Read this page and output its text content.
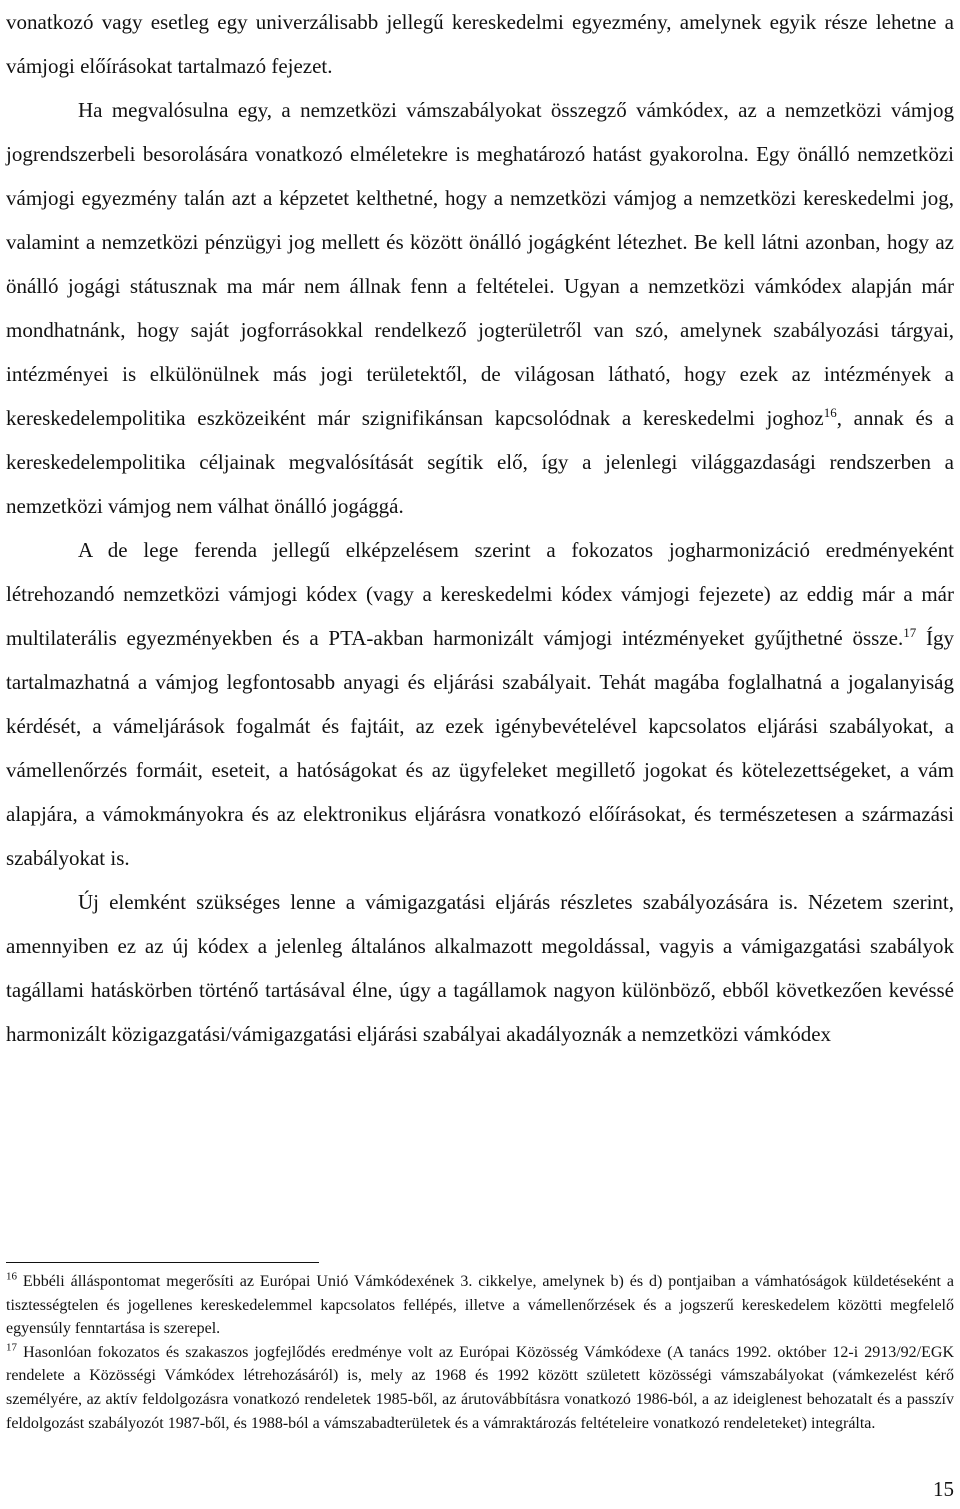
vonatkozó vagy esetleg egy univerzálisabb jellegű kereskedelmi egyezmény, amelynek egyik része lehetne a vámjogi előírásokat tartalmazó fejezet.

Ha megvalósulna egy, a nemzetközi vámszabályokat összegző vámkódex, az a nemzetközi vámjog jogrendszerbeli besorolására vonatkozó elméletekre is meghatározó hatást gyakorolna. Egy önálló nemzetközi vámjogi egyezmény talán azt a képzetet kelthetné, hogy a nemzetközi vámjog a nemzetközi kereskedelmi jog, valamint a nemzetközi pénzügyi jog mellett és között önálló jogágként létezhet. Be kell látni azonban, hogy az önálló jogági státusznak ma már nem állnak fenn a feltételei. Ugyan a nemzetközi vámkódex alapján már mondhatnánk, hogy saját jogforrásokkal rendelkező jogterületről van szó, amelynek szabályozási tárgyai, intézményei is elkülönülnek más jogi területektől, de világosan látható, hogy ezek az intézmények a kereskedelempolitika eszközeiként már szignifikánsan kapcsolódnak a kereskedelmi joghoz$^{16}$, annak és a kereskedelempolitika céljainak megvalósítását segítik elő, így a jelenlegi világgazdasági rendszerben a nemzetközi vámjog nem válhat önálló jogággá.

A de lege ferenda jellegű elképzelésem szerint a fokozatos jogharmonizáció eredményeként létrehozandó nemzetközi vámjogi kódex (vagy a kereskedelmi kódex vámjogi fejezete) az eddig már a már multilaterális egyezményekben és a PTA-akban harmonizált vámjogi intézményeket gyűjthetné össze.$^{17}$ Így tartalmazhatná a vámjog legfontosabb anyagi és eljárási szabályait. Tehát magába foglalhatná a jogalanyiság kérdését, a vámeljárások fogalmát és fajtáit, az ezek igénybevételével kapcsolatos eljárási szabályokat, a vámellenőrzés formáit, eseteit, a hatóságokat és az ügyfeleket megillető jogokat és kötelezettségeket, a vám alapjára, a vámokmányokra és az elektronikus eljárásra vonatkozó előírásokat, és természetesen a származási szabályokat is.

Új elemként szükséges lenne a vámigazgatási eljárás részletes szabályozására is. Nézetem szerint, amennyiben ez az új kódex a jelenleg általános alkalmazott megoldással, vagyis a vámigazgatási szabályok tagállami hatáskörben történő tartásával élne, úgy a tagállamok nagyon különböző, ebből következően kevéssé harmonizált közigazgatási/vámigazgatási eljárási szabályai akadályoznák a nemzetközi vámkódex

$^{16}$ Ebbéli álláspontomat megerősíti az Európai Unió Vámkódexének 3. cikkelye, amelynek b) és d) pontjaiban a vámhatóságok küldetéseként a tisztességtelen és jogellenes kereskedelemmel kapcsolatos fellépés, illetve a vámellenőrzések és a jogszerű kereskedelem közötti megfelelő egyensúly fenntartása is szerepel.

$^{17}$ Hasonlóan fokozatos és szakaszos jogfejlődés eredménye volt az Európai Közösség Vámkódexe (A tanács 1992. október 12-i 2913/92/EGK rendelete a Közösségi Vámkódex létrehozásáról) is, mely az 1968 és 1992 között született közösségi vámszabályokat (vámkezelést kérő személyére, az aktív feldolgozásra vonatkozó rendeletek 1985-ből, az árutovábbításra vonatkozó 1986-ból, a az ideiglenest behozatalt és a passzív feldolgozást szabályozót 1987-ből, és 1988-ból a vámszabadterületek és a vámraktározás feltételeire vonatkozó rendeleteket) integrálta.

15
